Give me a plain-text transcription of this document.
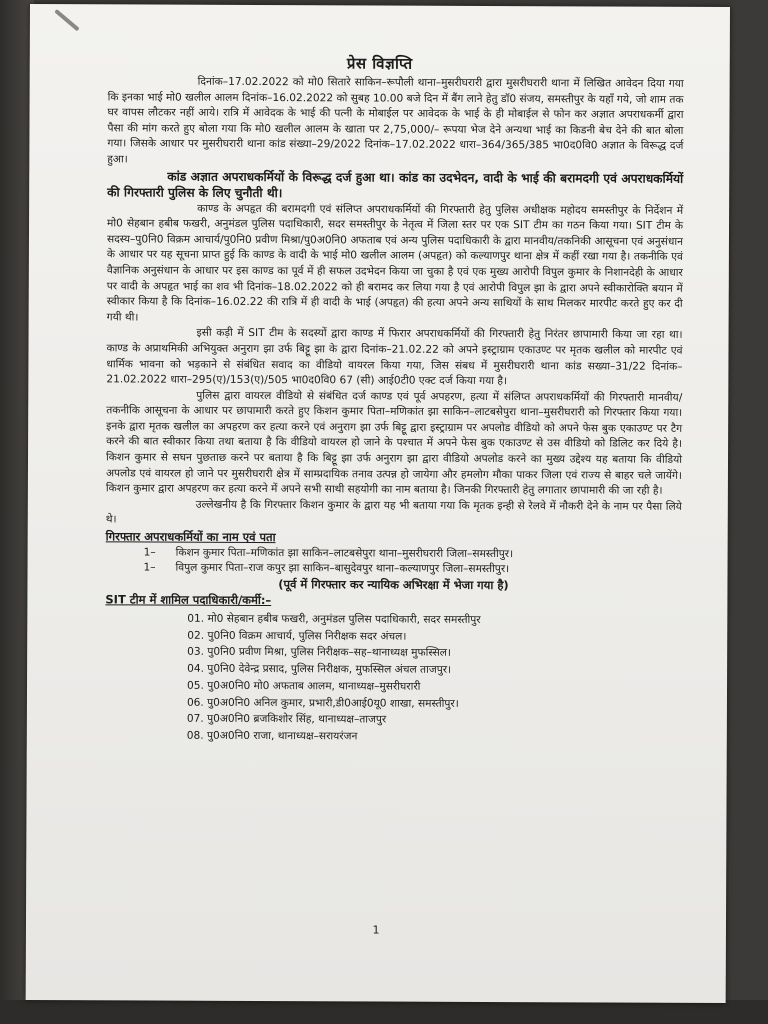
प्रेस विज्ञप्ति

दिनांक–17.02.2022 को मो0 सितारे साकिन–रूपौली थाना–मुसरीघरारी द्वारा मुसरीघरारी थाना में लिखित आवेदन दिया गया कि इनका भाई मो0 खलील आलम दिनांक–16.02.2022 को सुबह 10.00 बजे दिन में बैंग लाने हेतु डॉ0 संजय, समस्तीपुर के यहाँ गये, जो शाम तक घर वापस लौटकर नहीं आये। रात्रि में आवेदक के भाई की पत्नी के मोबाईल पर आवेदक के भाई के ही मोबाईल से फोन कर अज्ञात अपराधकर्मी द्वारा पैसा की मांग करते हुए बोला गया कि मो0 खलील आलम के खाता पर 2,75,000/– रूपया भेज देने अन्यथा भाई का किडनी बेच देने की बात बोला गया। जिसके आधार पर मुसरीघरारी थाना कांड संख्या–29/2022 दिनांक–17.02.2022 धारा–364/365/385 भा0द0वि0 अज्ञात के विरूद्ध दर्ज हुआ।

कांड अज्ञात अपराधकर्मियों के विरूद्ध दर्ज हुआ था। कांड का उदभेदन, वादी के भाई की बरामदगी एवं अपराधकर्मियों की गिरफ्तारी पुलिस के लिए चुनौती थी।

काण्ड के अपहृत की बरामदगी एवं संलिप्त अपराधकर्मियों की गिरफ्तारी हेतु पुलिस अधीक्षक महोदय समस्तीपुर के निर्देशन में मो0 सेहबान हबीब फखरी, अनुमंडल पुलिस पदाधिकारी, सदर समस्तीपुर के नेतृत्व में जिला स्तर पर एक SIT टीम का गठन किया गया। SIT टीम के सदस्य–पु0नि0 विक्रम आचार्य/पु0नि0 प्रवीण मिश्रा/पु0अ0नि0 अफताब एवं अन्य पुलिस पदाधिकारी के द्वारा मानवीय/तकनिकी आसूचना एवं अनुसंधान के आधार पर यह सूचना प्राप्त हुई कि काण्ड के वादी के भाई मो0 खलील आलम (अपहृत) को कल्याणपुर थाना क्षेत्र में कहीं रखा गया है। तकनीकि एवं वैज्ञानिक अनुसंधान के आधार पर इस काण्ड का पूर्व में ही सफल उदभेदन किया जा चुका है एवं एक मुख्य आरोपी विपुल कुमार के निशानदेही के आधार पर वादी के अपहृत भाई का शव भी दिनांक–18.02.2022 को ही बरामद कर लिया गया है एवं आरोपी विपुल झा के द्वारा अपने स्वीकारोक्ति बयान में स्वीकार किया है कि दिनांक–16.02.22 की रात्रि में ही वादी के भाई (अपहृत) की हत्या अपने अन्य साथियों के साथ मिलकर मारपीट करते हुए कर दी गयी थी।

इसी कड़ी में SIT टीम के सदस्यों द्वारा काण्ड में फिरार अपराधकर्मियों की गिरफ्तारी हेतु निरंतर छापामारी किया जा रहा था। काण्ड के अप्राथमिकी अभियुक्त अनुराग झा उर्फ बिट्टू झा के द्वारा दिनांक–21.02.22 को अपने इस्ट्राग्राम एकाउण्ट पर मृतक खलील को मारपीट एवं धार्मिक भावना को भड़काने से संबंधित सवाद का वीडियो वायरल किया गया, जिस संबध में मुसरीघरारी थाना कांड सख्या–31/22 दिनांक–21.02.2022 धारा–295(ए)/153(ए)/505 भा0द0वि0 67 (सी) आई0टी0 एक्ट दर्ज किया गया है।

पुलिस द्वारा वायरल वीडियो से संबंधित दर्ज काण्ड एवं पूर्व अपहरण, हत्या में संलिप्त अपराधकर्मियों की गिरफ्तारी मानवीय/तकनीकि आसूचना के आधार पर छापामारी करते हुए किशन कुमार पिता–मणिकांत झा साकिन–लाटबसेपुरा थाना–मुसरीघरारी को गिरफ्तार किया गया। इनके द्वारा मृतक खलील का अपहरण कर हत्या करने एवं अनुराग झा उर्फ बिट्टू द्वारा इस्ट्राग्राम पर अपलोड वीडियो को अपने फेस बुक एकाउण्ट पर टैग करने की बात स्वीकार किया तथा बताया है कि वीडियो वायरल हो जाने के पश्चात में अपने फेस बुक एकाउण्ट से उस वीडियो को डिलिट कर दिये है। किशन कुमार से सघन पुछताछ करने पर बताया है कि बिट्टू झा उर्फ अनुराग झा द्वारा वीडियो अपलोड करने का मुख्य उद्देश्य यह बताया कि वीडियो अपलोड एवं वायरल हो जाने पर मुसरीघरारी क्षेत्र में साम्प्रदायिक तनाव उत्पन्न हो जायेगा और हमलोग मौका पाकर जिला एवं राज्य से बाहर चले जायेंगे। किशन कुमार द्वारा अपहरण कर हत्या करने में अपने सभी साथी सहयोगी का नाम बताया है। जिनकी गिरफ्तारी हेतु लगातार छापामारी की जा रही है।

उल्लेखनीय है कि गिरफ्तार किशन कुमार के द्वारा यह भी बताया गया कि मृतक इन्ही से रेलवे में नौकरी देने के नाम पर पैसा लिये थे।

गिरफ्तार अपराधकर्मियों का नाम एवं पता
1–	किशन कुमार पिता–मणिकांत झा साकिन–लाटबसेपुरा थाना–मुसरीघरारी जिला–समस्तीपुर।
1–	विपुल कुमार पिता–राज कपुर झा साकिन–बासुदेवपुर थाना–कल्याणपुर जिला–समस्तीपुर।
(पूर्व में गिरफ्तार कर न्यायिक अभिरक्षा में भेजा गया है)
SIT टीम में शामिल पदाधिकारी/कर्मी:–
01. मो0 सेहबान हबीब फखरी, अनुमंडल पुलिस पदाधिकारी, सदर समस्तीपुर
02. पु0नि0 विक्रम आचार्य, पुलिस निरीक्षक सदर अंचल।
03. पु0नि0 प्रवीण मिश्रा, पुलिस निरीक्षक–सह–थानाध्यक्ष मुफस्सिल।
04. पु0नि0 देवेन्द्र प्रसाद, पुलिस निरीक्षक, मुफस्सिल अंचल ताजपुर।
05. पु0अ0नि0 मो0 अफताब आलम, थानाध्यक्ष–मुसरीघरारी
06. पु0अ0नि0 अनिल कुमार, प्रभारी,डी0आई0यू0 शाखा, समस्तीपुर।
07. पु0अ0नि0 ब्रजकिशोर सिंह, थानाध्यक्ष–ताजपुर
08. पु0अ0नि0 राजा, थानाध्यक्ष–सरायरंजन
1
